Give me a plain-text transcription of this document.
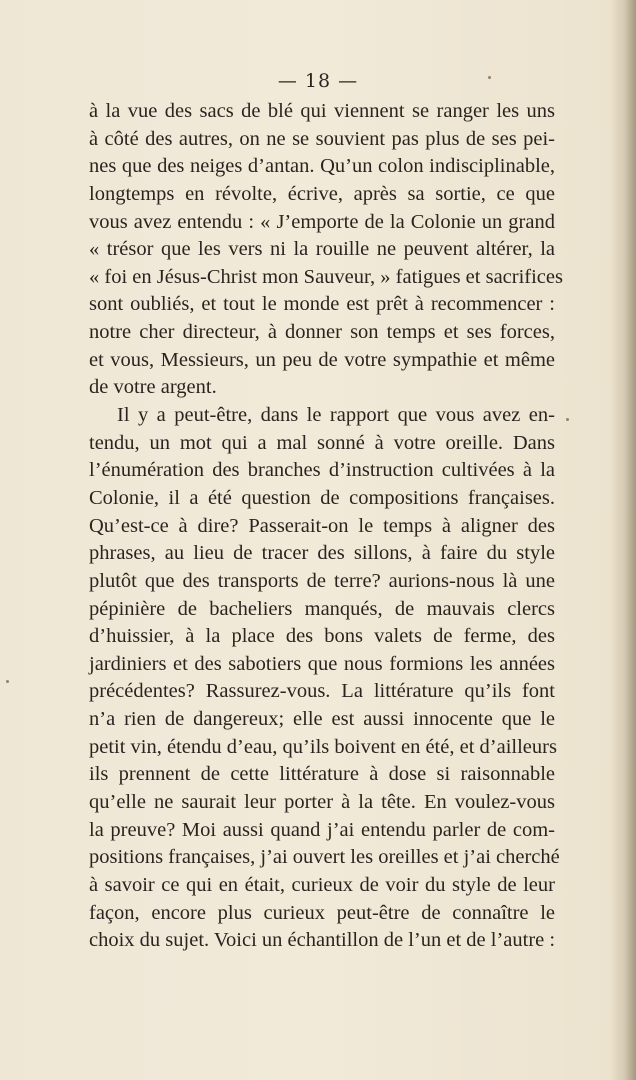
— 18 —
à la vue des sacs de blé qui viennent se ranger les uns
à côté des autres, on ne se souvient pas plus de ses pei-
nes que des neiges d’antan. Qu’un colon indisciplinable,
longtemps en révolte, écrive, après sa sortie, ce que
vous avez entendu : « J’emporte de la Colonie un grand
« trésor que les vers ni la rouille ne peuvent altérer, la
« foi en Jésus-Christ mon Sauveur, » fatigues et sacrifices
sont oubliés, et tout le monde est prêt à recommencer :
notre cher directeur, à donner son temps et ses forces,
et vous, Messieurs, un peu de votre sympathie et même
de votre argent.
Il y a peut-être, dans le rapport que vous avez en-
tendu, un mot qui a mal sonné à votre oreille. Dans
l’énumération des branches d’instruction cultivées à la
Colonie, il a été question de compositions françaises.
Qu’est-ce à dire? Passerait-on le temps à aligner des
phrases, au lieu de tracer des sillons, à faire du style
plutôt que des transports de terre? aurions-nous là une
pépinière de bacheliers manqués, de mauvais clercs
d’huissier, à la place des bons valets de ferme, des
jardiniers et des sabotiers que nous formions les années
précédentes? Rassurez-vous. La littérature qu’ils font
n’a rien de dangereux; elle est aussi innocente que le
petit vin, étendu d’eau, qu’ils boivent en été, et d’ailleurs
ils prennent de cette littérature à dose si raisonnable
qu’elle ne saurait leur porter à la tête. En voulez-vous
la preuve? Moi aussi quand j’ai entendu parler de com-
positions françaises, j’ai ouvert les oreilles et j’ai cherché
à savoir ce qui en était, curieux de voir du style de leur
façon, encore plus curieux peut-être de connaître le
choix du sujet. Voici un échantillon de l’un et de l’autre :
